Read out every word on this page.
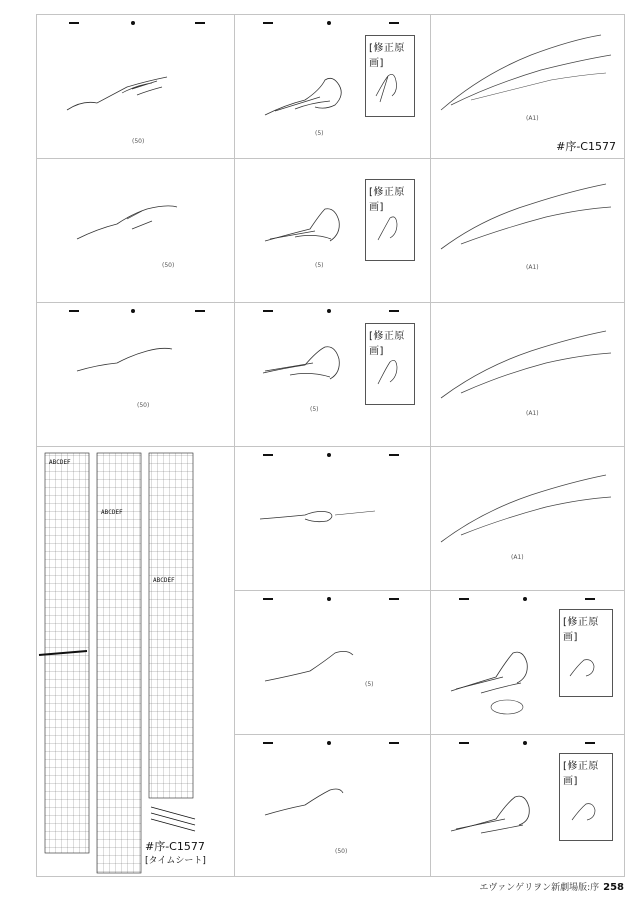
(50)
(5)
[修正原画]
(A1)
#序-C1577
(50)	(5)
[修正原画]
(A1)
(50)
(5)
[修正原画]
(A1)
ABCDEF
ABCDEF
ABCDEF
#序-C1577
[タイムシート]
(A1)
(5)
[修正原画]
(50)
[修正原画]
エヴァンゲリヲン新劇場版:序 258
